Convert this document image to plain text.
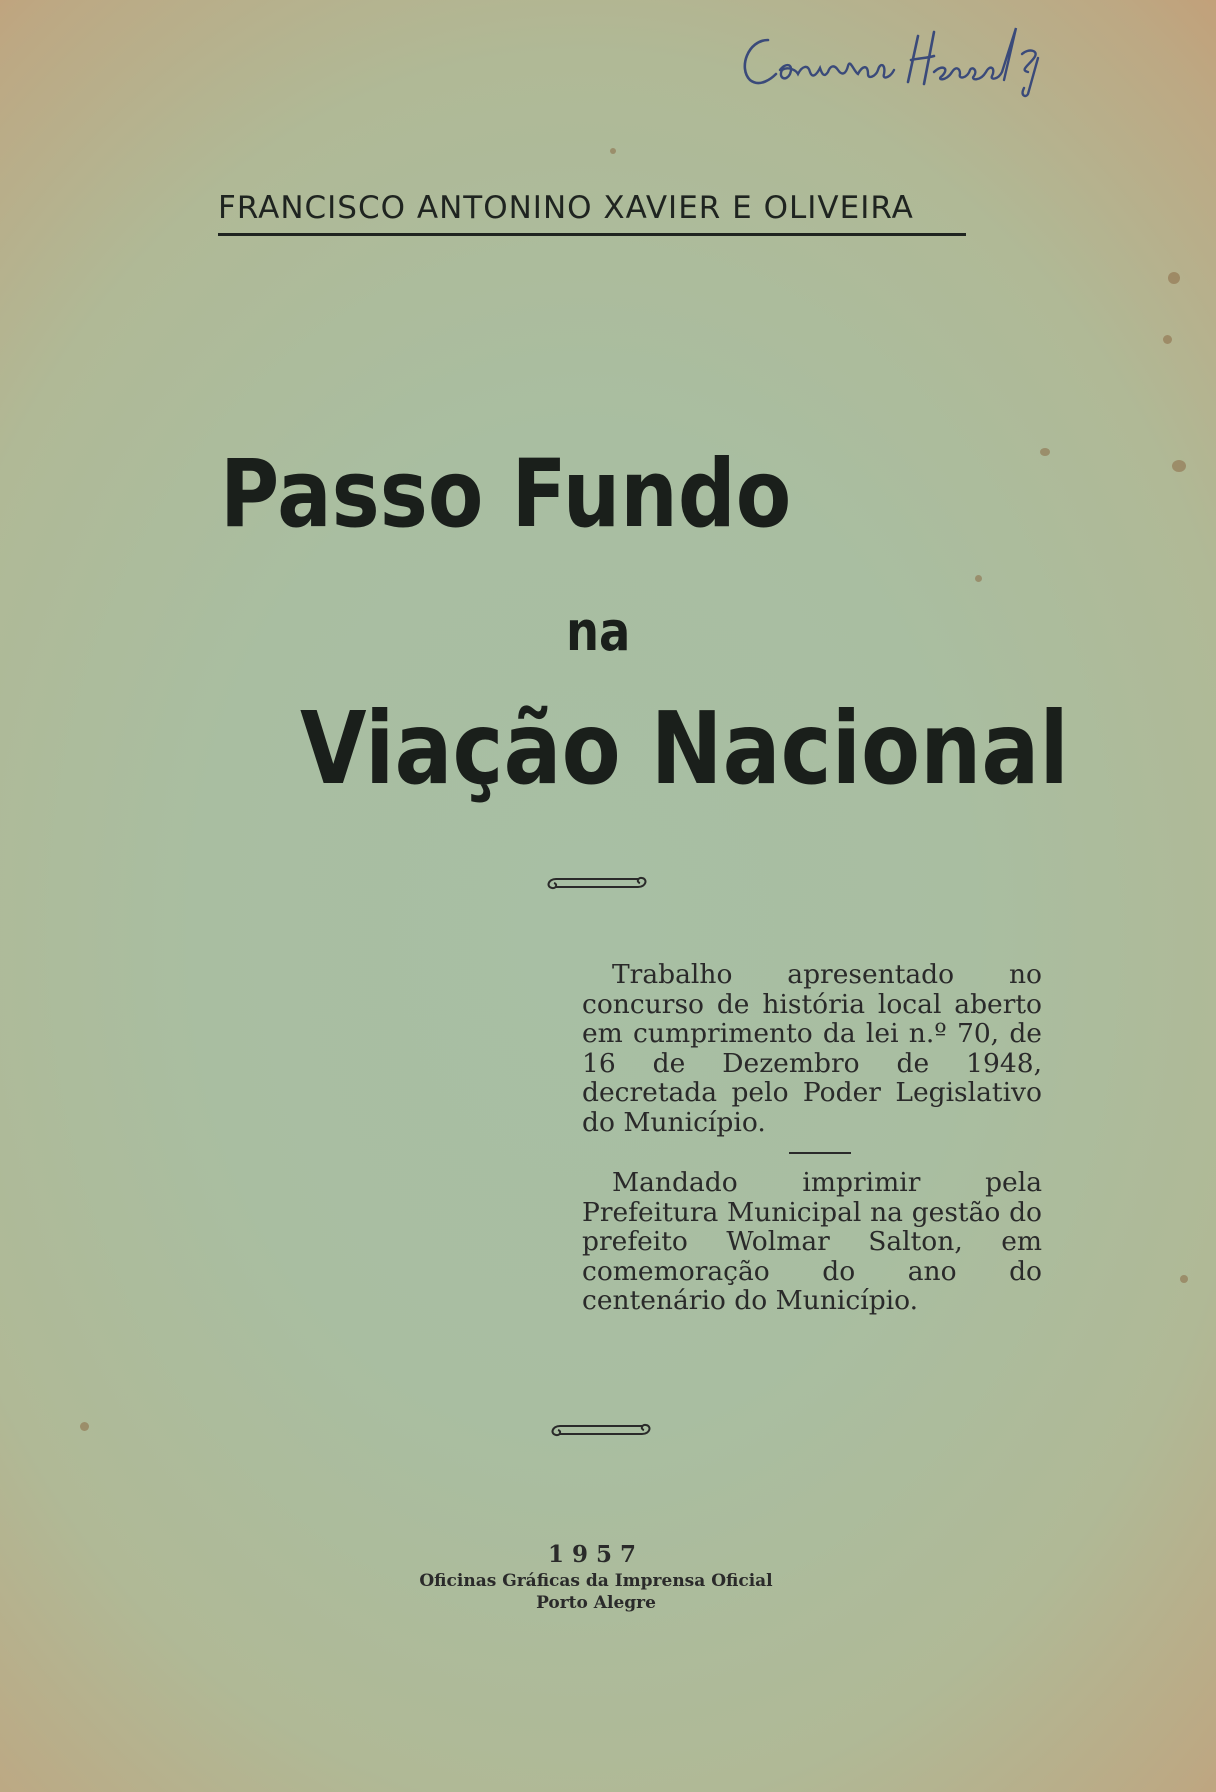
FRANCISCO ANTONINO XAVIER E OLIVEIRA
Passo Fundo
na
Viação Nacional

Trabalho apresentado no concurso de história local aberto em cumprimento da lei n.º 70, de 16 de Dezembro de 1948, decretada pelo Poder Legislativo do Município.

Mandado imprimir pela Prefeitura Municipal na gestão do prefeito Wolmar Salton, em comemoração do ano do centenário do Município.

1957
Oficinas Gráficas da Imprensa Oficial
Porto Alegre
